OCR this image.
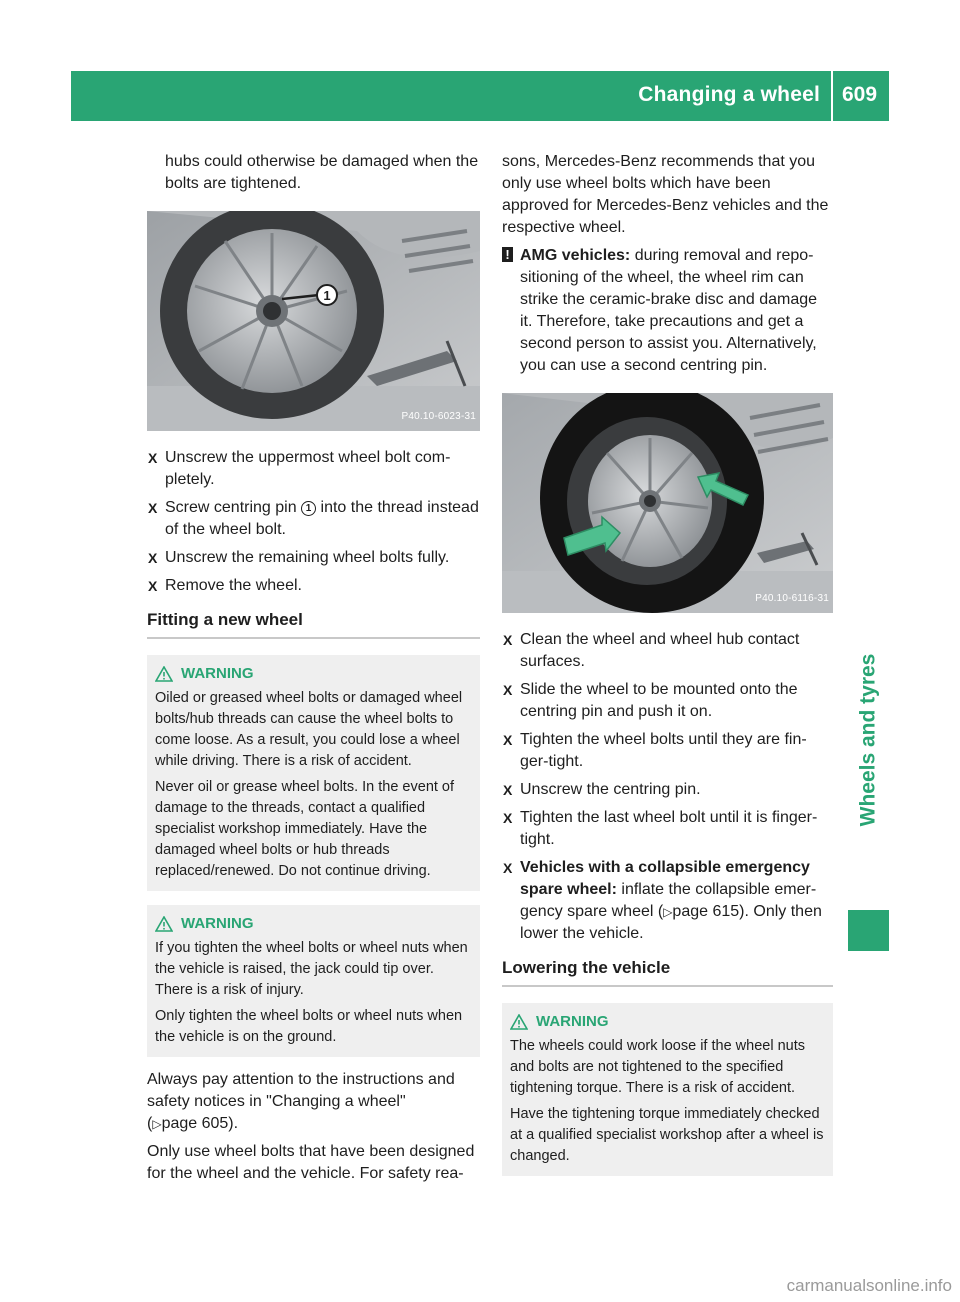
Changing a wheel 609
Wheels and tyres

hubs could otherwise be damaged when the bolts are tightened.

1
P40.10-6023-31
X Unscrew the uppermost wheel bolt com- pletely.
X Screw centring pin 1 into the thread instead of the wheel bolt.
X Unscrew the remaining wheel bolts fully.
X Remove the wheel.
Fitting a new wheel
WARNING

Oiled or greased wheel bolts or damaged wheel bolts/hub threads can cause the wheel bolts to come loose. As a result, you could lose a wheel while driving. There is a risk of accident.

Never oil or grease wheel bolts. In the event of damage to the threads, contact a qualified specialist workshop immediately. Have the damaged wheel bolts or hub threads replaced/renewed. Do not continue driving.

WARNING

If you tighten the wheel bolts or wheel nuts when the vehicle is raised, the jack could tip over. There is a risk of injury.

Only tighten the wheel bolts or wheel nuts when the vehicle is on the ground.

Always pay attention to the instructions and safety notices in "Changing a wheel"
(▷page 605).

Only use wheel bolts that have been designed for the wheel and the vehicle. For safety rea-

sons, Mercedes-Benz recommends that you only use wheel bolts which have been approved for Mercedes-Benz vehicles and the respective wheel.

! AMG vehicles: during removal and repo- sitioning of the wheel, the wheel rim can strike the ceramic-brake disc and damage it. Therefore, take precautions and get a second person to assist you. Alternatively, you can use a second centring pin.
P40.10-6116-31
X Clean the wheel and wheel hub contact surfaces.
X Slide the wheel to be mounted onto the centring pin and push it on.
X Tighten the wheel bolts until they are fin- ger-tight.
X Unscrew the centring pin.
X Tighten the last wheel bolt until it is finger- tight.
X Vehicles with a collapsible emergency spare wheel: inflate the collapsible emer- gency spare wheel (▷page 615). Only then lower the vehicle.
Lowering the vehicle
WARNING

The wheels could work loose if the wheel nuts and bolts are not tightened to the specified tightening torque. There is a risk of accident.

Have the tightening torque immediately checked at a qualified specialist workshop after a wheel is changed.

carmanualsonline.info
